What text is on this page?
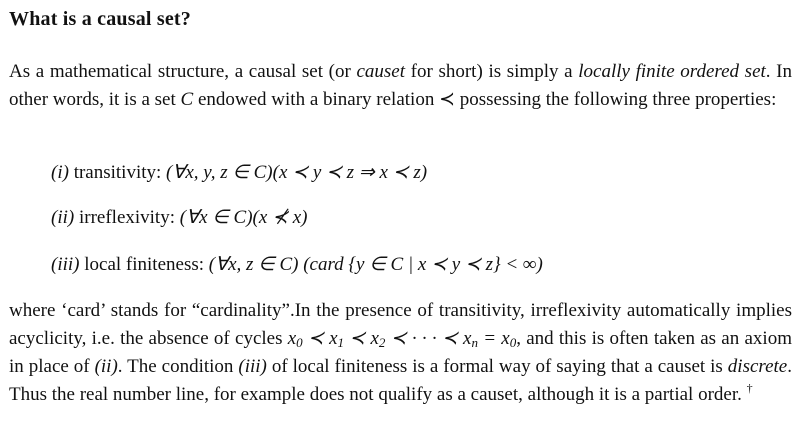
What is a causal set?
As a mathematical structure, a causal set (or causet for short) is simply a locally finite ordered set. In other words, it is a set C endowed with a binary relation ≺ possessing the following three properties:
(i) transitivity: (∀x, y, z ∈ C)(x ≺ y ≺ z ⇒ x ≺ z)
(ii) irreflexivity: (∀x ∈ C)(x ⊀ x)
(iii) local finiteness: (∀x, z ∈ C) (card {y ∈ C | x ≺ y ≺ z} < ∞)
where ‘card’ stands for “cardinality”.In the presence of transitivity, irreflexivity automatically implies acyclicity, i.e. the absence of cycles $x_0$ ≺ $x_1$ ≺ $x_2$ ≺ · · · ≺ $x_n = x_0$, and this is often taken as an axiom in place of (ii). The condition (iii) of local finiteness is a formal way of saying that a causet is discrete. Thus the real number line, for example does not qualify as a causet, although it is a partial order. †
